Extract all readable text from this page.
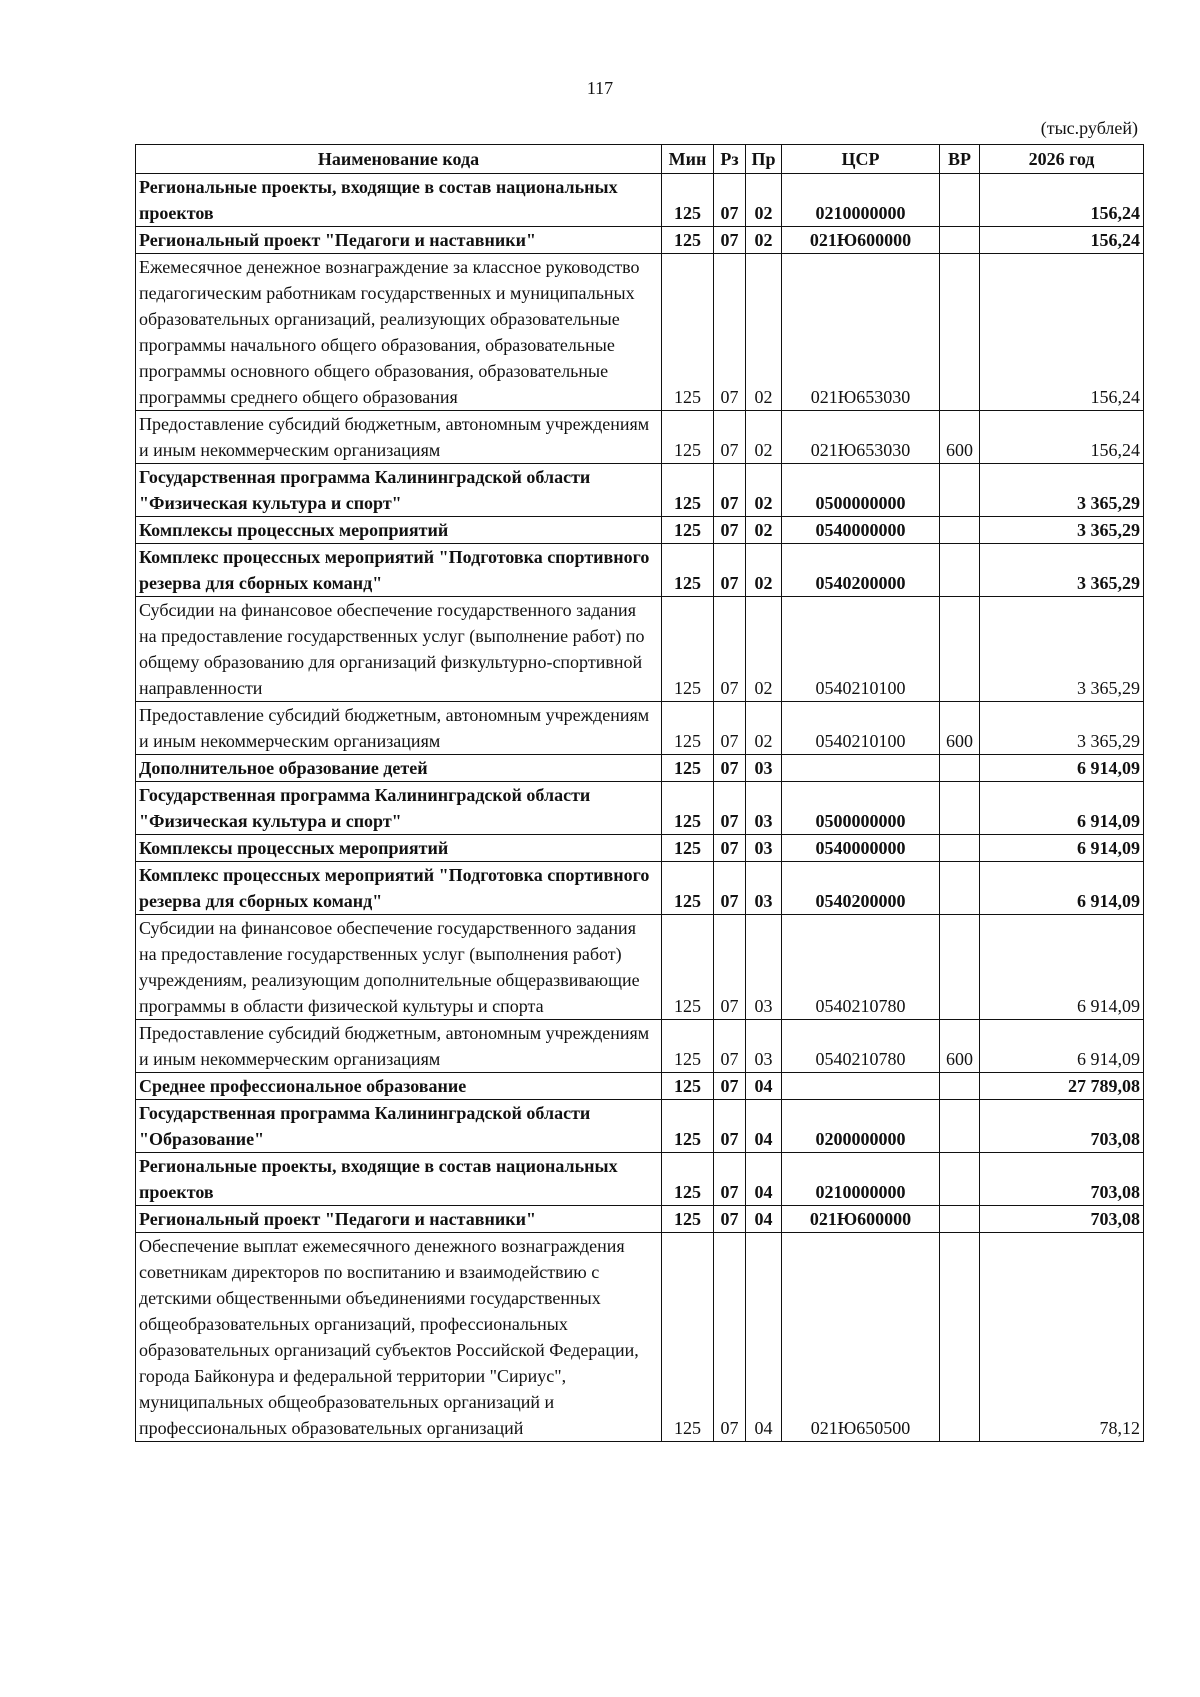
117
(тыс.рублей)
Наименование кода	Мин	Рз	Пр	ЦСР	ВР	2026 год
Региональные проекты, входящие в состав национальных проектов	125	07	02	0210000000		156,24
Региональный проект "Педагоги и наставники"	125	07	02	021Ю600000		156,24
Ежемесячное денежное вознаграждение за классное руководство педагогическим работникам государственных и муниципальных образовательных организаций, реализующих образовательные программы начального общего образования, образовательные программы основного общего образования, образовательные программы среднего общего образования	125	07	02	021Ю653030		156,24
Предоставление субсидий бюджетным, автономным учреждениям и иным некоммерческим организациям	125	07	02	021Ю653030	600	156,24
Государственная программа Калининградской области "Физическая культура и спорт"	125	07	02	0500000000		3 365,29
Комплексы процессных мероприятий	125	07	02	0540000000		3 365,29
Комплекс процессных мероприятий "Подготовка спортивного резерва для сборных команд"	125	07	02	0540200000		3 365,29
Субсидии на финансовое обеспечение государственного задания на предоставление государственных услуг (выполнение работ) по общему образованию для организаций физкультурно-спортивной направленности	125	07	02	0540210100		3 365,29
Предоставление субсидий бюджетным, автономным учреждениям и иным некоммерческим организациям	125	07	02	0540210100	600	3 365,29
Дополнительное образование детей	125	07	03			6 914,09
Государственная программа Калининградской области "Физическая культура и спорт"	125	07	03	0500000000		6 914,09
Комплексы процессных мероприятий	125	07	03	0540000000		6 914,09
Комплекс процессных мероприятий "Подготовка спортивного резерва для сборных команд"	125	07	03	0540200000		6 914,09
Субсидии на финансовое обеспечение государственного задания на предоставление государственных услуг (выполнения работ) учреждениям, реализующим дополнительные общеразвивающие программы в области физической культуры и спорта	125	07	03	0540210780		6 914,09
Предоставление субсидий бюджетным, автономным учреждениям и иным некоммерческим организациям	125	07	03	0540210780	600	6 914,09
Среднее профессиональное образование	125	07	04			27 789,08
Государственная программа Калининградской области "Образование"	125	07	04	0200000000		703,08
Региональные проекты, входящие в состав национальных проектов	125	07	04	0210000000		703,08
Региональный проект "Педагоги и наставники"	125	07	04	021Ю600000		703,08
Обеспечение выплат ежемесячного денежного вознаграждения советникам директоров по воспитанию и взаимодействию с детскими общественными объединениями государственных общеобразовательных организаций, профессиональных образовательных организаций субъектов Российской Федерации, города Байконура и федеральной территории "Сириус", муниципальных общеобразовательных организаций и профессиональных образовательных организаций	125	07	04	021Ю650500		78,12
